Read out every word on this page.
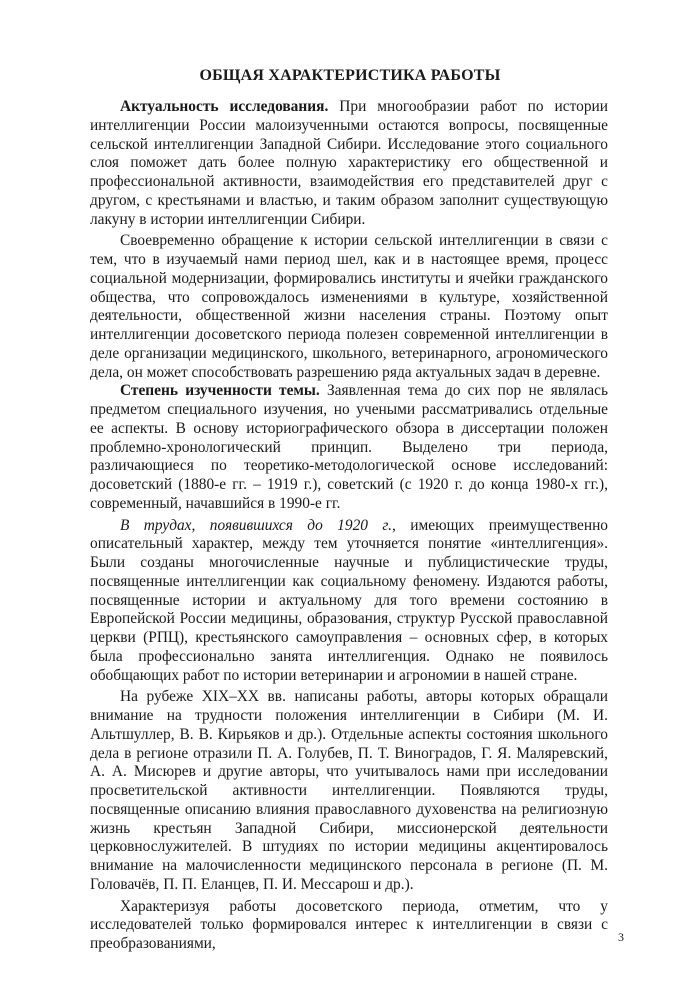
ОБЩАЯ ХАРАКТЕРИСТИКА РАБОТЫ

Актуальность исследования. При многообразии работ по истории интеллигенции России малоизученными остаются вопросы, посвященные сельской интеллигенции Западной Сибири. Исследование этого социального слоя поможет дать более полную характеристику его общественной и профессиональной активности, взаимодействия его представителей друг с другом, с крестьянами и властью, и таким образом заполнит существующую лакуну в истории интеллигенции Сибири.

Своевременно обращение к истории сельской интеллигенции в связи с тем, что в изучаемый нами период шел, как и в настоящее время, процесс социальной модернизации, формировались институты и ячейки гражданского общества, что сопровождалось изменениями в культуре, хозяйственной деятельности, общественной жизни населения страны. Поэтому опыт интеллигенции досоветского периода полезен современной интеллигенции в деле организации медицинского, школьного, ветеринарного, агрономического дела, он может способствовать разрешению ряда актуальных задач в деревне.

Степень изученности темы. Заявленная тема до сих пор не являлась предметом специального изучения, но учеными рассматривались отдельные ее аспекты. В основу историографического обзора в диссертации положен проблемно-хронологический принцип. Выделено три периода, различающиеся по теоретико-методологической основе исследований: досоветский (1880-е гг. – 1919 г.), советский (с 1920 г. до конца 1980-х гг.), современный, начавшийся в 1990-е гг.

В трудах, появившихся до 1920 г., имеющих преимущественно описательный характер, между тем уточняется понятие «интеллигенция». Были созданы многочисленные научные и публицистические труды, посвященные интеллигенции как социальному феномену. Издаются работы, посвященные истории и актуальному для того времени состоянию в Европейской России медицины, образования, структур Русской православной церкви (РПЦ), крестьянского самоуправления – основных сфер, в которых была профессионально занята интеллигенция. Однако не появилось обобщающих работ по истории ветеринарии и агрономии в нашей стране.

На рубеже XIX–XX вв. написаны работы, авторы которых обращали внимание на трудности положения интеллигенции в Сибири (М. И. Альтшуллер, В. В. Кирьяков и др.). Отдельные аспекты состояния школьного дела в регионе отразили П. А. Голубев, П. Т. Виноградов, Г. Я. Маляревский, А. А. Мисюрев и другие авторы, что учитывалось нами при исследовании просветительской активности интеллигенции. Появляются труды, посвященные описанию влияния православного духовенства на религиозную жизнь крестьян Западной Сибири, миссионерской деятельности церковнослужителей. В штудиях по истории медицины акцентировалось внимание на малочисленности медицинского персонала в регионе (П. М. Головачёв, П. П. Еланцев, П. И. Мессарош и др.).

Характеризуя работы досоветского периода, отметим, что у исследователей только формировался интерес к интеллигенции в связи с преобразованиями,	3
